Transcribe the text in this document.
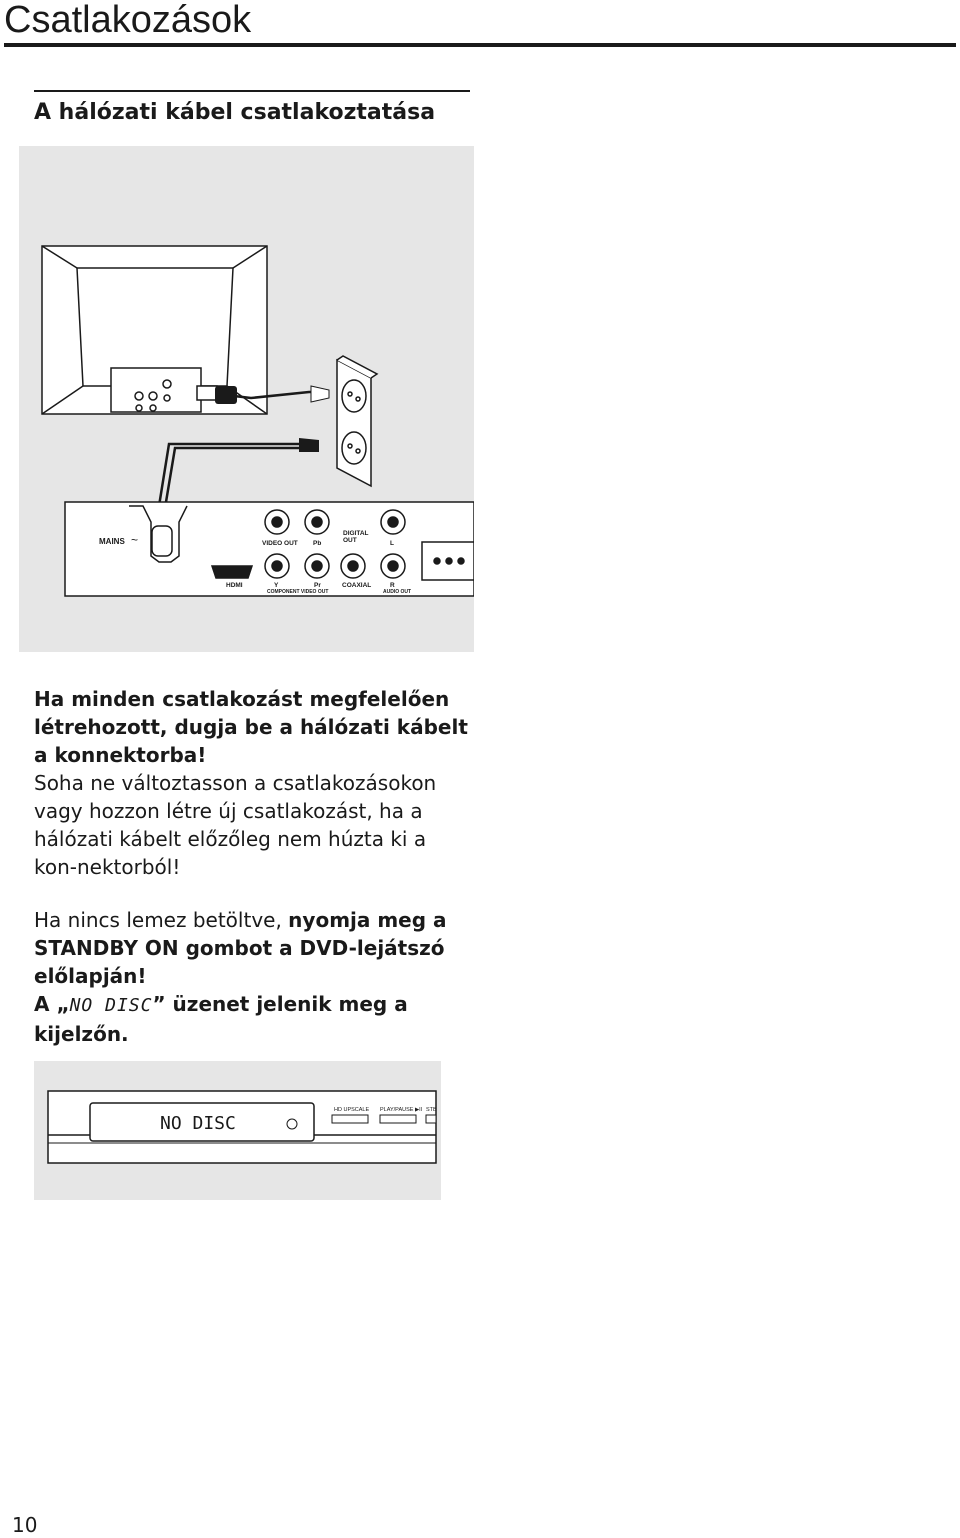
Csatlakozások
A hálózati kábel csatlakoztatása
MAINS ~	VIDEO OUT Pb
DIGITAL
OUT	L
HDMI	Y	Pr	COAXIAL	R
COMPONENT VIDEO OUT	AUDIO OUT
Ha minden csatlakozást megfelelően létrehozott, dugja be a hálózati kábelt a konnektorba!
Soha ne változtasson a csatlakozásokon vagy hozzon létre új csatlakozást, ha a hálózati kábelt előzőleg nem húzta ki a kon-nektorból!
Ha nincs lemez betöltve, nyomja meg a STANDBY ON gombot a DVD-lejátszó előlapján!
A „NO DISC” üzenet jelenik meg a kijelzőn.
NO DISC
HD UPSCALE PLAY/PAUSE ▶II STB
10
